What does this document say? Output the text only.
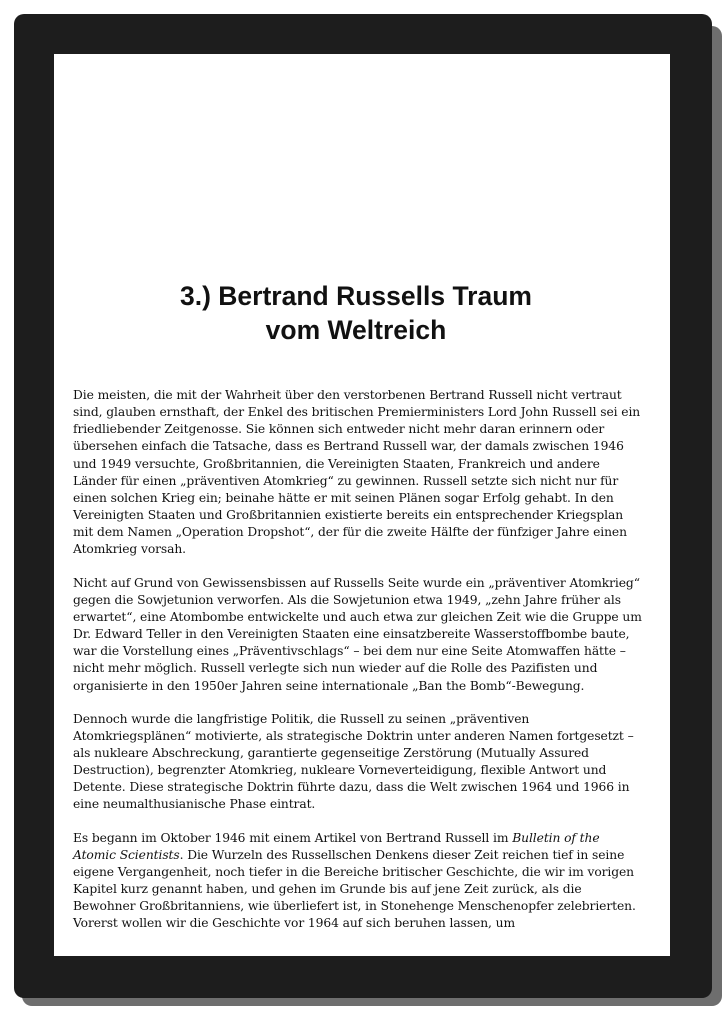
3.) Bertrand Russells Traum
vom Weltreich

Die meisten, die mit der Wahrheit über den verstorbenen Bertrand Russell nicht vertraut sind, glauben ernsthaft, der Enkel des britischen Premierministers Lord John Russell sei ein friedliebender Zeitgenosse. Sie können sich entweder nicht mehr daran erinnern oder übersehen einfach die Tatsache, dass es Bertrand Russell war, der damals zwischen 1946 und 1949 versuchte, Großbritannien, die Vereinigten Staaten, Frankreich und andere Länder für einen „präventiven Atomkrieg“ zu gewinnen. Russell setzte sich nicht nur für einen solchen Krieg ein; beinahe hätte er mit seinen Plänen sogar Erfolg gehabt. In den Vereinigten Staaten und Großbritannien existierte bereits ein entsprechender Kriegsplan mit dem Namen „Operation Dropshot“, der für die zweite Hälfte der fünfziger Jahre einen Atomkrieg vorsah.

Nicht auf Grund von Gewissensbissen auf Russells Seite wurde ein „präventiver Atomkrieg“ gegen die Sowjetunion verworfen. Als die Sowjetunion etwa 1949, „zehn Jahre früher als erwartet“, eine Atombombe entwickelte und auch etwa zur gleichen Zeit wie die Gruppe um Dr. Edward Teller in den Vereinigten Staaten eine einsatzbereite Wasserstoffbombe baute, war die Vorstellung eines „Präventivschlags“ – bei dem nur eine Seite Atomwaffen hätte – nicht mehr möglich. Russell verlegte sich nun wieder auf die Rolle des Pazifisten und organisierte in den 1950er Jahren seine internationale „Ban the Bomb“-Bewegung.

Dennoch wurde die langfristige Politik, die Russell zu seinen „präventiven Atomkriegsplänen“ motivierte, als strategische Doktrin unter anderen Namen fortgesetzt – als nukleare Abschreckung, garantierte gegenseitige Zerstörung (Mutually Assured Destruction), begrenzter Atomkrieg, nukleare Vorneverteidigung, flexible Antwort und Detente. Diese strategische Doktrin führte dazu, dass die Welt zwischen 1964 und 1966 in eine neumalthusianische Phase eintrat.

Es begann im Oktober 1946 mit einem Artikel von Bertrand Russell im Bulletin of the Atomic Scientists. Die Wurzeln des Russellschen Denkens dieser Zeit reichen tief in seine eigene Vergangenheit, noch tiefer in die Bereiche britischer Geschichte, die wir im vorigen Kapitel kurz genannt haben, und gehen im Grunde bis auf jene Zeit zurück, als die Bewohner Großbritanniens, wie überliefert ist, in Stonehenge Menschenopfer zelebrierten. Vorerst wollen wir die Geschichte vor 1964 auf sich beruhen lassen, um
